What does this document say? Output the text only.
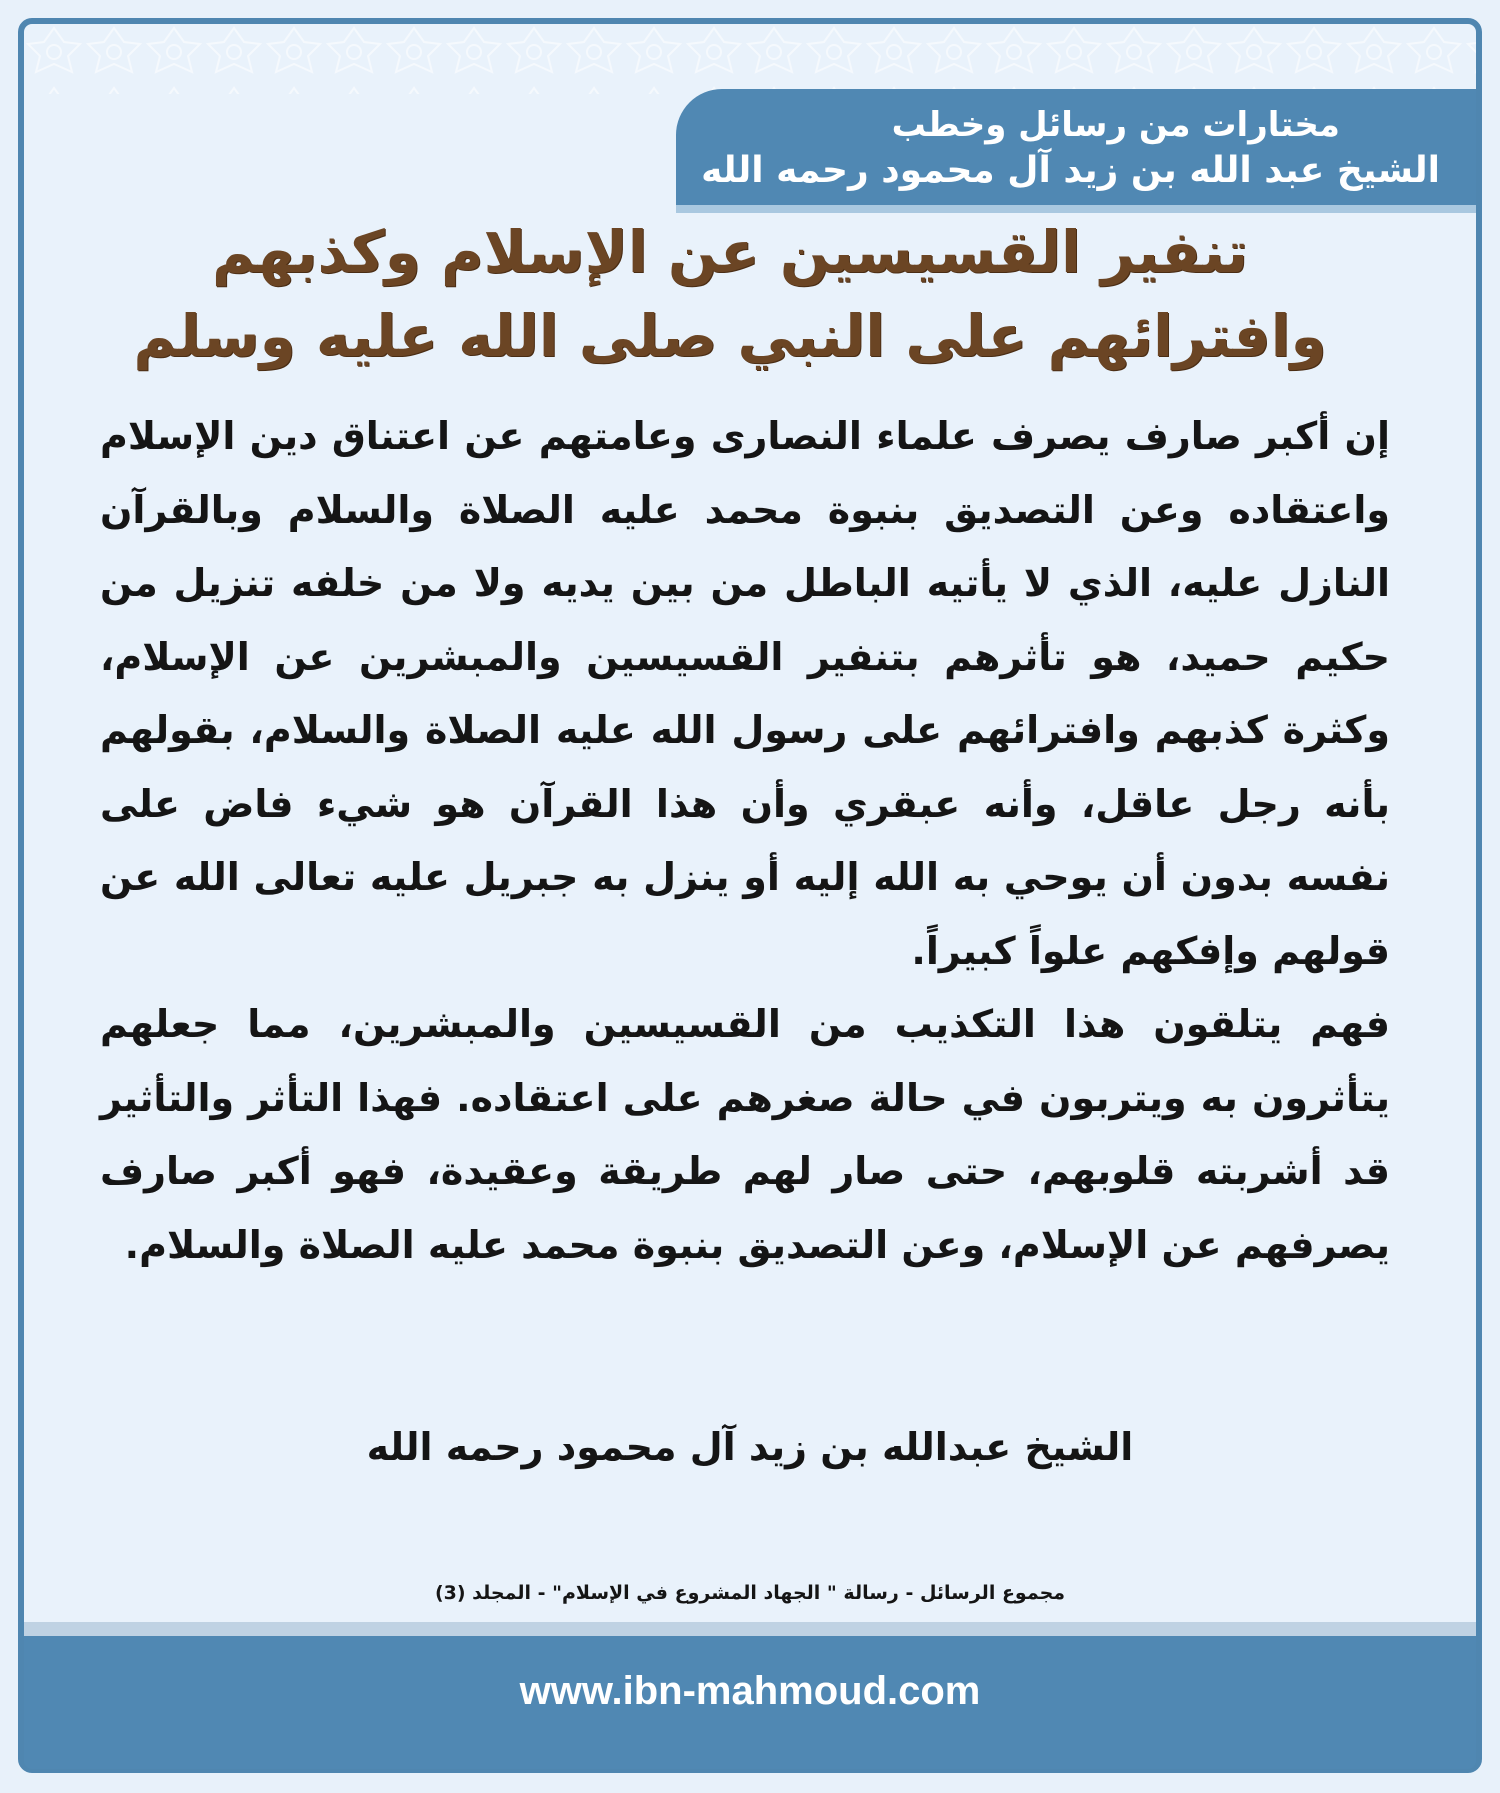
مختارات من رسائل وخطب
الشيخ عبد الله بن زيد آل محمود رحمه الله
تنفير القسيسين عن الإسلام وكذبهم
وافترائهم على النبي صلى الله عليه وسلم

إن أكبر صارف يصرف علماء النصارى وعامتهم عن اعتناق دين الإسلام واعتقاده وعن التصديق بنبوة محمد عليه الصلاة والسلام وبالقرآن النازل عليه، الذي لا يأتيه الباطل من بين يديه ولا من خلفه تنزيل من حكيم حميد، هو تأثرهم بتنفير القسيسين والمبشرين عن الإسلام، وكثرة كذبهم وافترائهم على رسول الله عليه الصلاة والسلام، بقولهم بأنه رجل عاقل، وأنه عبقري وأن هذا القرآن هو شيء فاض على نفسه بدون أن يوحي به الله إليه أو ينزل به جبريل عليه تعالى الله عن قولهم وإفكهم علواً كبيراً.

فهم يتلقون هذا التكذيب من القسيسين والمبشرين، مما جعلهم يتأثرون به ويتربون في حالة صغرهم على اعتقاده. فهذا التأثر والتأثير قد أشربته قلوبهم، حتى صار لهم طريقة وعقيدة، فهو أكبر صارف يصرفهم عن الإسلام، وعن التصديق بنبوة محمد عليه الصلاة والسلام.

الشيخ عبدالله بن زيد آل محمود رحمه الله
مجموع الرسائل - رسالة " الجهاد المشروع في الإسلام" - المجلد (3)
www.ibn-mahmoud.com
